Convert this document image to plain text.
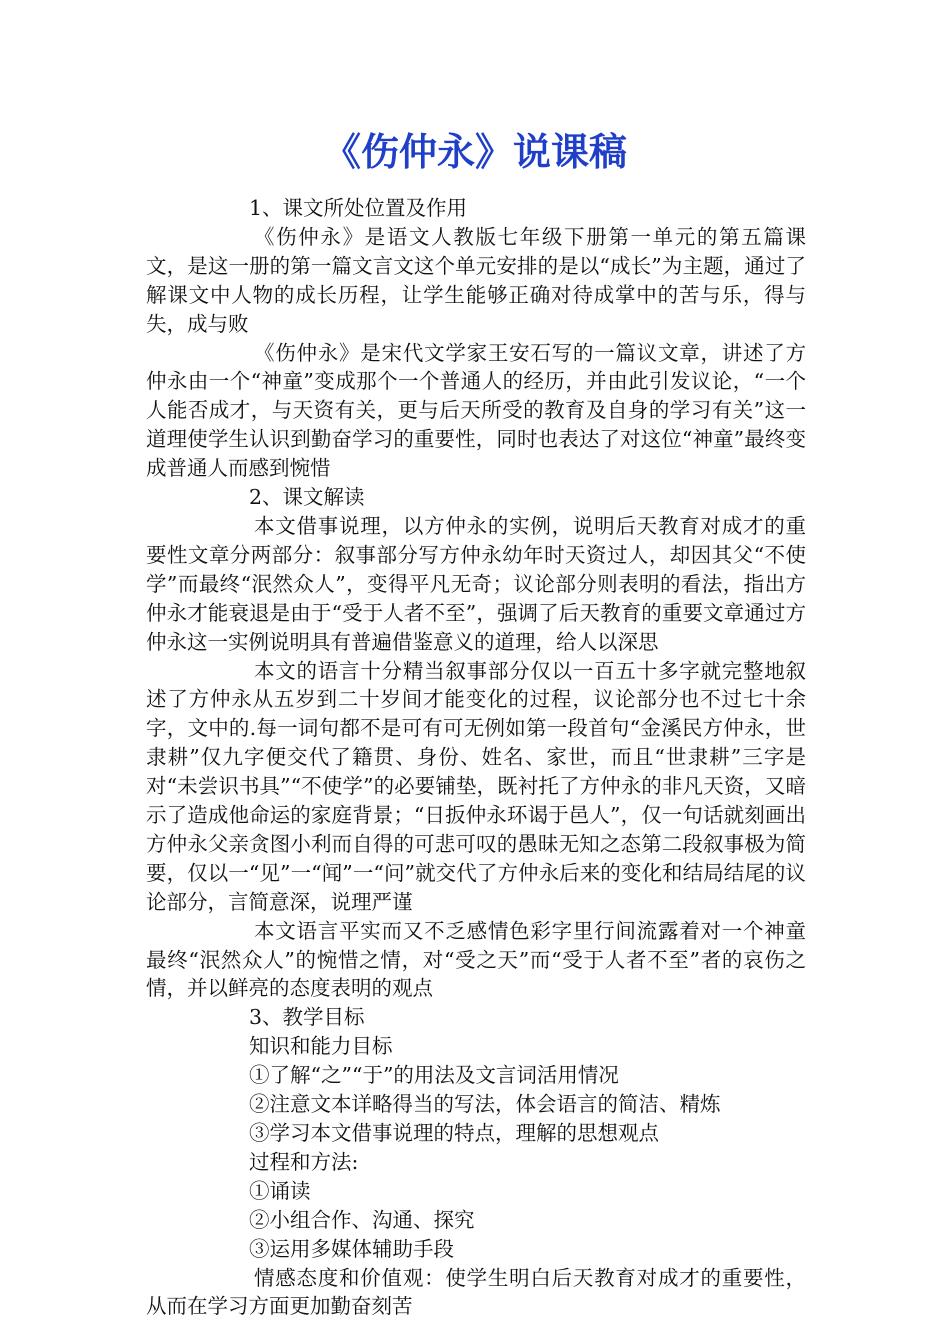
《伤仲永》说课稿

1、课文所处位置及作用

《伤仲永》是语文人教版七年级下册第一单元的第五篇课文，是这一册的第一篇文言文这个单元安排的是以“成长”为主题，通过了解课文中人物的成长历程，让学生能够正确对待成掌中的苦与乐，得与失，成与败

《伤仲永》是宋代文学家王安石写的一篇议文章，讲述了方仲永由一个“神童”变成那个一个普通人的经历，并由此引发议论，“一个人能否成才，与天资有关，更与后天所受的教育及自身的学习有关”这一道理使学生认识到勤奋学习的重要性，同时也表达了对这位“神童”最终变成普通人而感到惋惜

2、课文解读

本文借事说理，以方仲永的实例，说明后天教育对成才的重要性文章分两部分：叙事部分写方仲永幼年时天资过人，却因其父“不使学”而最终“泯然众人”，变得平凡无奇；议论部分则表明的看法，指出方仲永才能衰退是由于“受于人者不至”，强调了后天教育的重要文章通过方仲永这一实例说明具有普遍借鉴意义的道理，给人以深思

本文的语言十分精当叙事部分仅以一百五十多字就完整地叙述了方仲永从五岁到二十岁间才能变化的过程，议论部分也不过七十余字，文中的.每一词句都不是可有可无例如第一段首句“金溪民方仲永，世隶耕”仅九字便交代了籍贯、身份、姓名、家世，而且“世隶耕”三字是对“未尝识书具”“不使学”的必要铺垫，既衬托了方仲永的非凡天资，又暗示了造成他命运的家庭背景；“日扳仲永环谒于邑人”，仅一句话就刻画出方仲永父亲贪图小利而自得的可悲可叹的愚昧无知之态第二段叙事极为简要，仅以一“见”一“闻”一“问”就交代了方仲永后来的变化和结局结尾的议论部分，言简意深，说理严谨

本文语言平实而又不乏感情色彩字里行间流露着对一个神童最终“泯然众人”的惋惜之情，对“受之天”而“受于人者不至”者的哀伤之情，并以鲜亮的态度表明的观点

3、教学目标

知识和能力目标

①了解“之”“于”的用法及文言词活用情况

②注意文本详略得当的写法，体会语言的简洁、精炼

③学习本文借事说理的特点，理解的思想观点

过程和方法:

①诵读

②小组合作、沟通、探究

③运用多媒体辅助手段

情感态度和价值观：使学生明白后天教育对成才的重要性，从而在学习方面更加勤奋刻苦
